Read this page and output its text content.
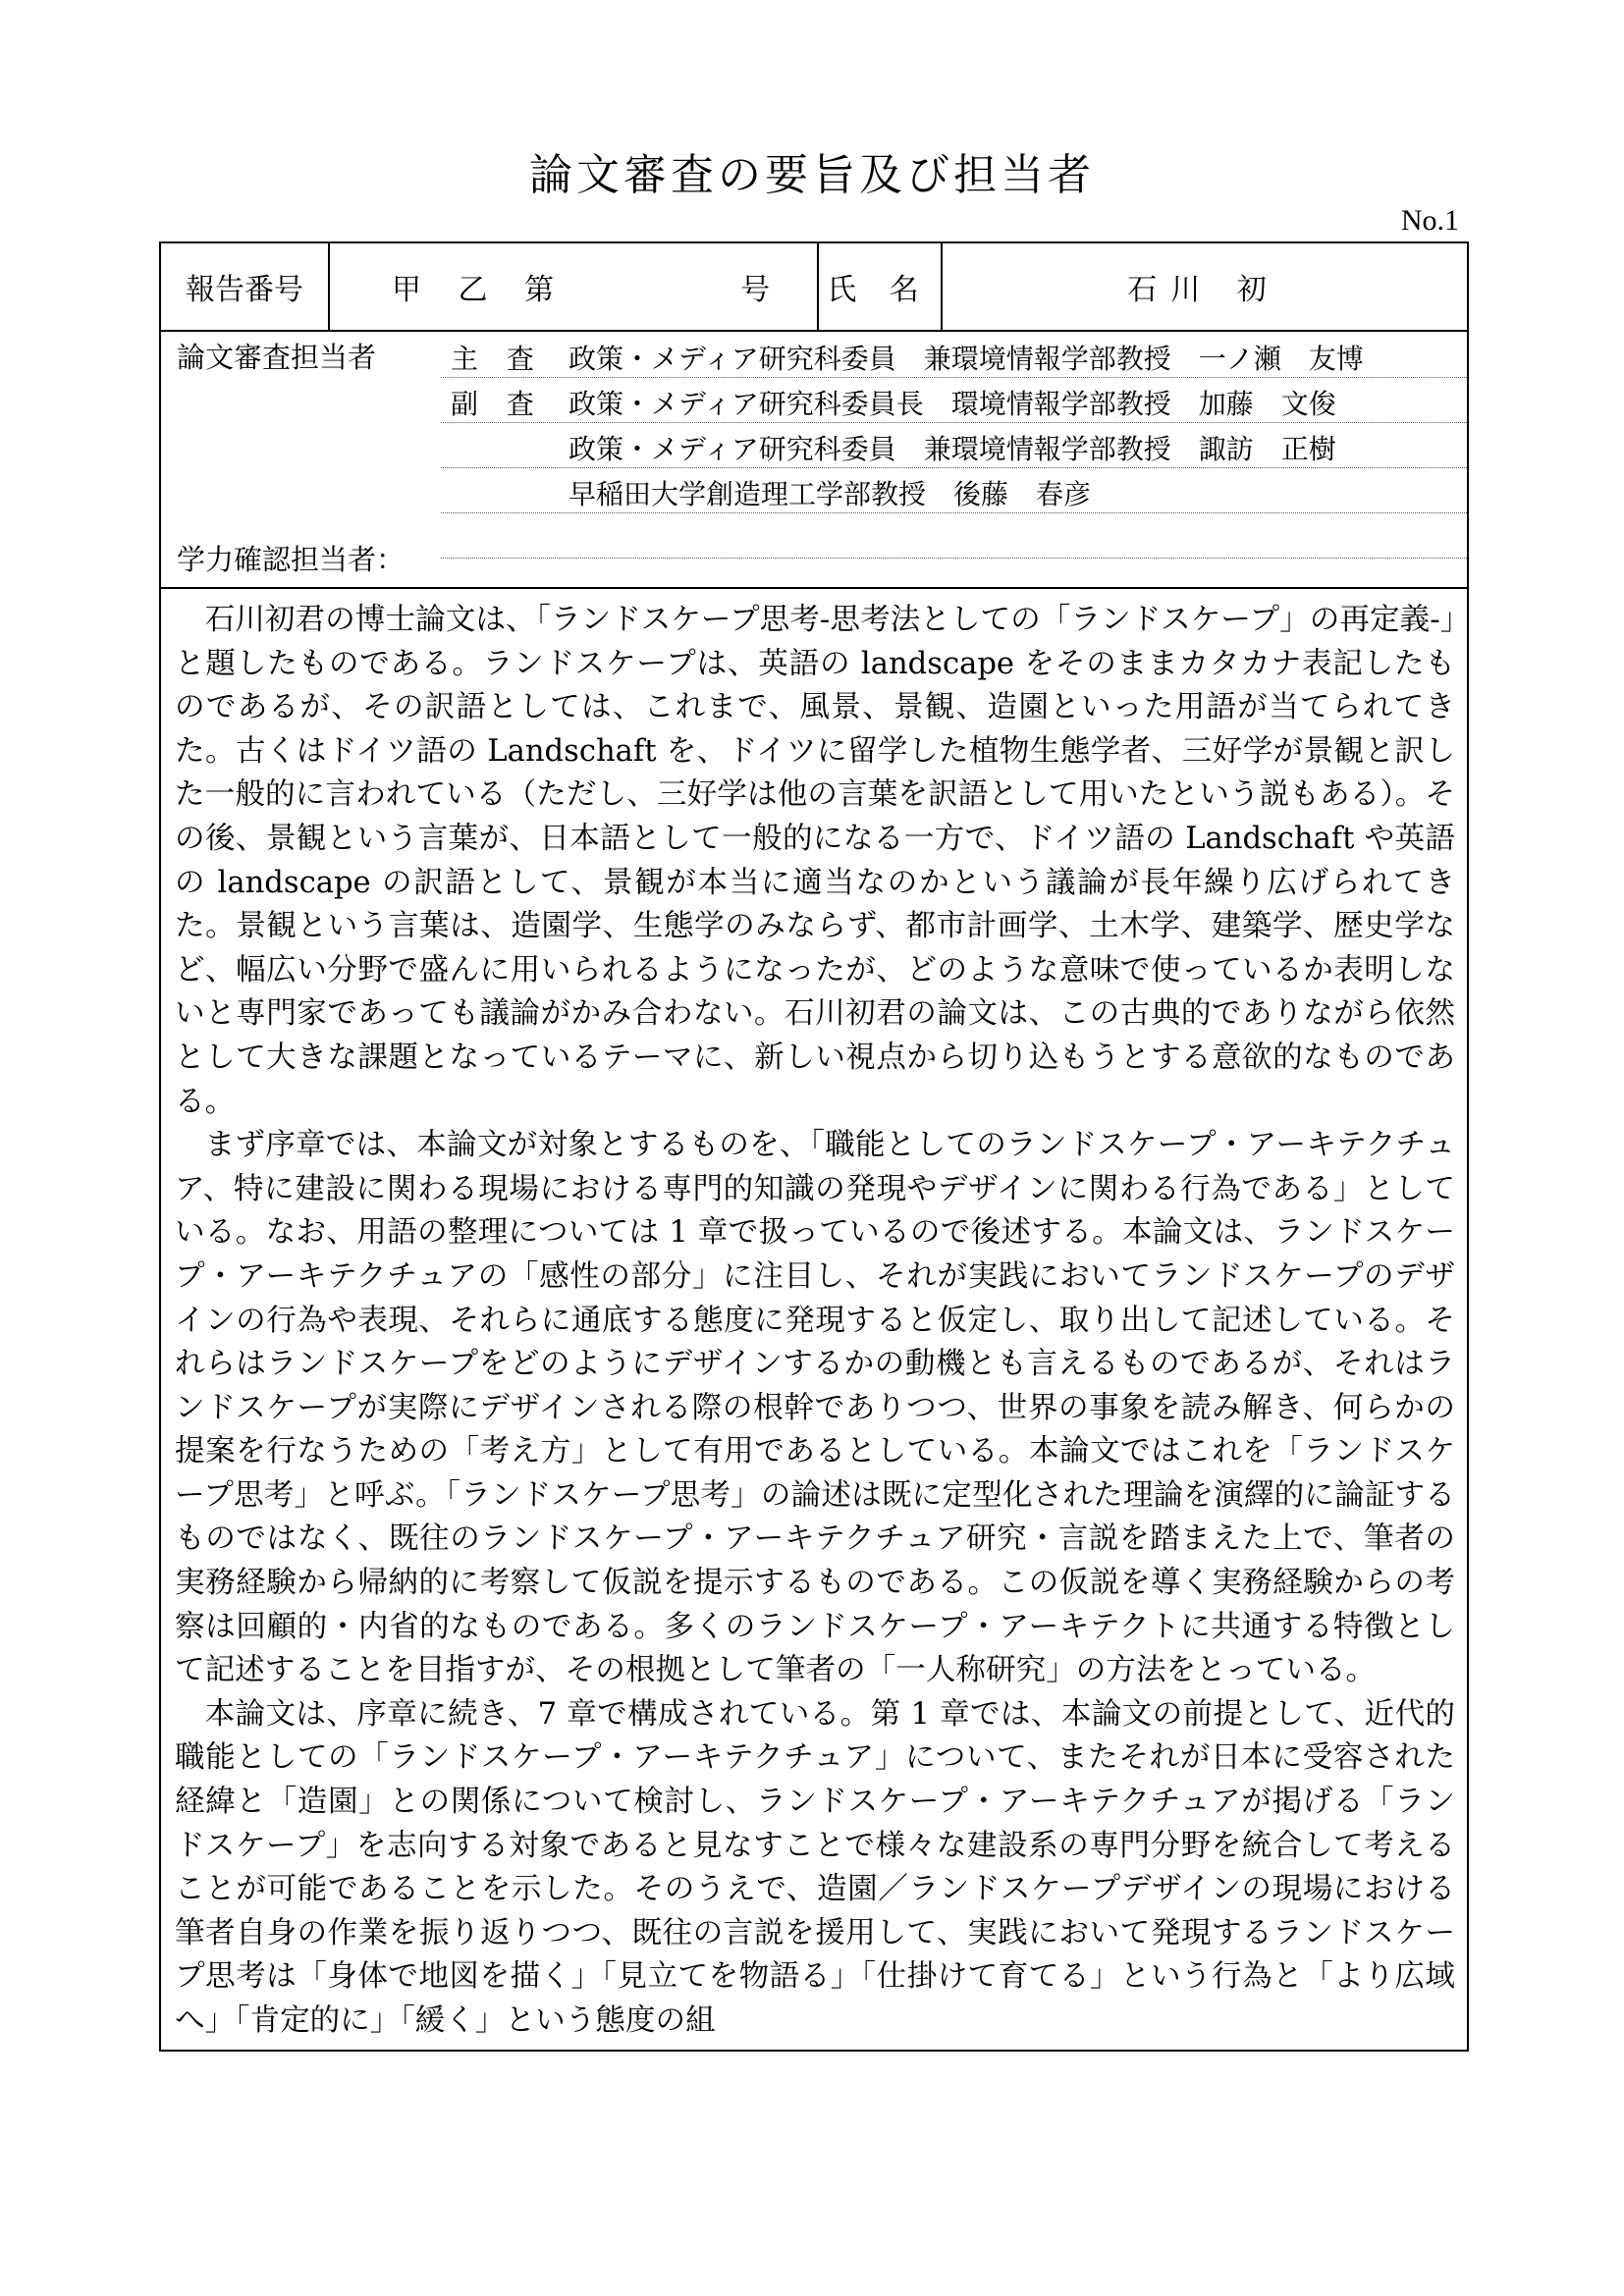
論文審査の要旨及び担当者
No.1
報告番号	甲 乙 第　　　　号	氏 名	石川 初
論文審査担当者	主 査 政策・メディア研究科委員　兼環境情報学部教授　一ノ瀬　友博
副 査 政策・メディア研究科委員長　環境情報学部教授　加藤　文俊
政策・メディア研究科委員　兼環境情報学部教授　諏訪　正樹
早稲田大学創造理工学部教授　後藤　春彦
学力確認担当者：

石川初君の博士論文は、「ランドスケープ思考-思考法としての「ランドスケープ」の再定義-」と題したものである。ランドスケープは、英語の landscape をそのままカタカナ表記したものであるが、その訳語としては、これまで、風景、景観、造園といった用語が当てられてきた。古くはドイツ語の Landschaft を、ドイツに留学した植物生態学者、三好学が景観と訳した一般的に言われている（ただし、三好学は他の言葉を訳語として用いたという説もある）。その後、景観という言葉が、日本語として一般的になる一方で、ドイツ語の Landschaft や英語の landscape の訳語として、景観が本当に適当なのかという議論が長年繰り広げられてきた。景観という言葉は、造園学、生態学のみならず、都市計画学、土木学、建築学、歴史学など、幅広い分野で盛んに用いられるようになったが、どのような意味で使っているか表明しないと専門家であっても議論がかみ合わない。石川初君の論文は、この古典的でありながら依然として大きな課題となっているテーマに、新しい視点から切り込もうとする意欲的なものである。

まず序章では、本論文が対象とするものを、「職能としてのランドスケープ・アーキテクチュア、特に建設に関わる現場における専門的知識の発現やデザインに関わる行為である」としている。なお、用語の整理については 1 章で扱っているので後述する。本論文は、ランドスケープ・アーキテクチュアの「感性の部分」に注目し、それが実践においてランドスケープのデザインの行為や表現、それらに通底する態度に発現すると仮定し、取り出して記述している。それらはランドスケープをどのようにデザインするかの動機とも言えるものであるが、それはランドスケープが実際にデザインされる際の根幹でありつつ、世界の事象を読み解き、何らかの提案を行なうための「考え方」として有用であるとしている。本論文ではこれを「ランドスケープ思考」と呼ぶ。「ランドスケープ思考」の論述は既に定型化された理論を演繹的に論証するものではなく、既往のランドスケープ・アーキテクチュア研究・言説を踏まえた上で、筆者の実務経験から帰納的に考察して仮説を提示するものである。この仮説を導く実務経験からの考察は回顧的・内省的なものである。多くのランドスケープ・アーキテクトに共通する特徴として記述することを目指すが、その根拠として筆者の「一人称研究」の方法をとっている。

本論文は、序章に続き、7 章で構成されている。第 1 章では、本論文の前提として、近代的職能としての「ランドスケープ・アーキテクチュア」について、またそれが日本に受容された経緯と「造園」との関係について検討し、ランドスケープ・アーキテクチュアが掲げる「ランドスケープ」を志向する対象であると見なすことで様々な建設系の専門分野を統合して考えることが可能であることを示した。そのうえで、造園／ランドスケープデザインの現場における筆者自身の作業を振り返りつつ、既往の言説を援用して、実践において発現するランドスケープ思考は「身体で地図を描く」「見立てを物語る」「仕掛けて育てる」という行為と「より広域へ」「肯定的に」「緩く」という態度の組
